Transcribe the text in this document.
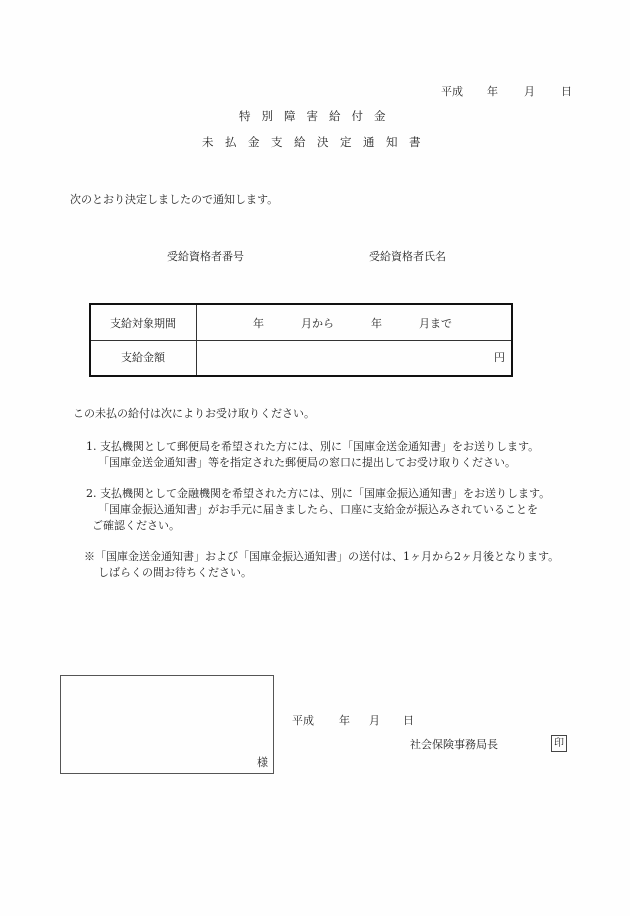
平成 年 月 日
特別障害給付金
未払金支給決定通知書
次のとおり決定しましたので通知します。
受給資格者番号	受給資格者氏名
支給対象期間	年	月から	年	月まで
支給金額	円
この未払の給付は次によりお受け取りください。
1. 支払機関として郵便局を希望された方には、別に「国庫金送金通知書」をお送りします。
「国庫金送金通知書」等を指定された郵便局の窓口に提出してお受け取りください。
2. 支払機関として金融機関を希望された方には、別に「国庫金振込通知書」をお送りします。
「国庫金振込通知書」がお手元に届きましたら、口座に支給金が振込みされていることを
ご確認ください。
※「国庫金送金通知書」および「国庫金振込通知書」の送付は、1ヶ月から2ヶ月後となります。
しばらくの間お待ちください。
様
平成 年 月 日
社会保険事務局長	印
